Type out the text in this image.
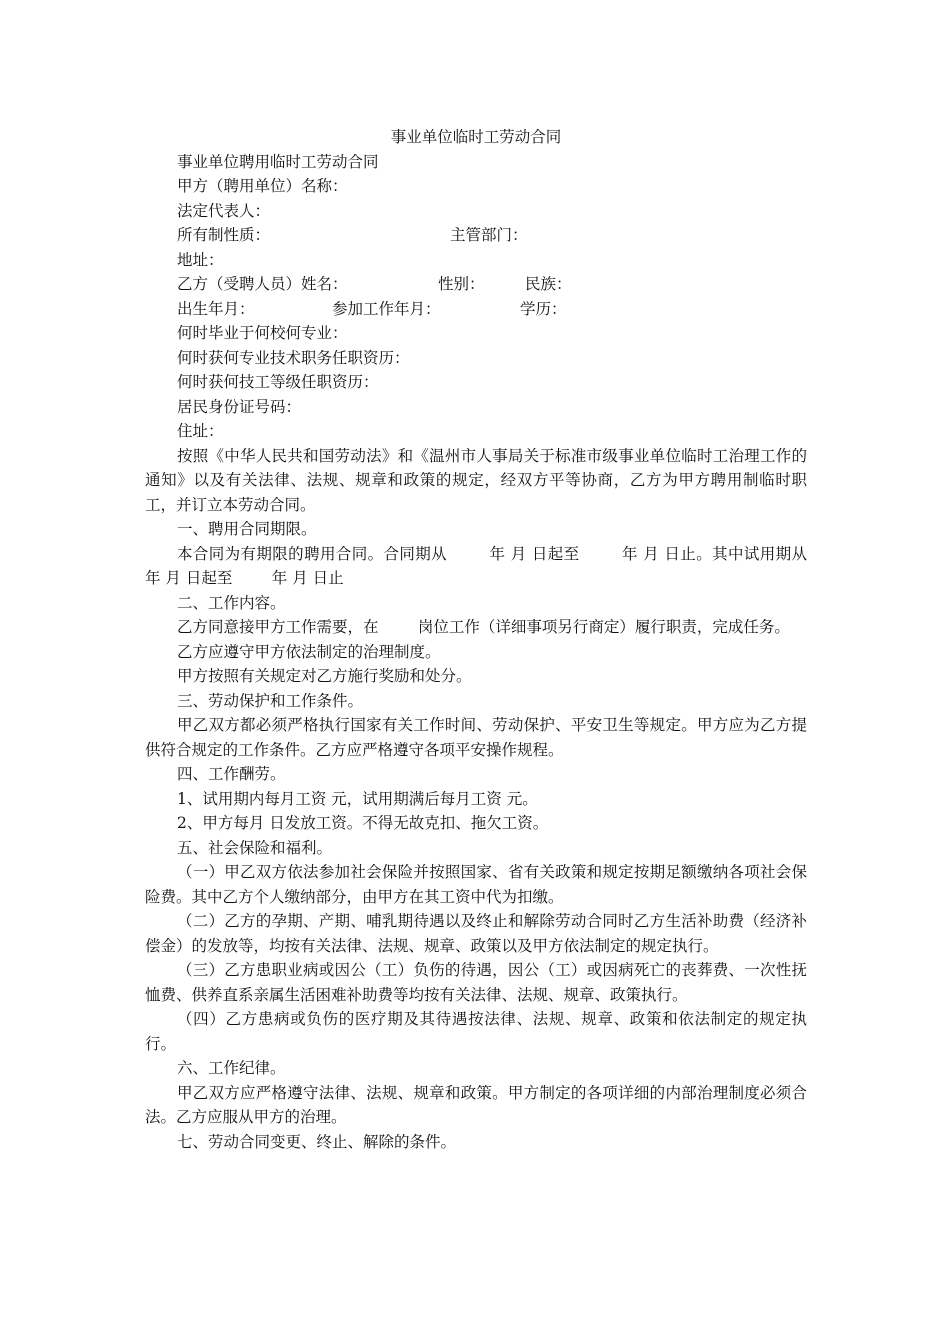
事业单位临时工劳动合同

事业单位聘用临时工劳动合同

甲方（聘用单位）名称：

法定代表人：

所有制性质：

	主管部门：

地址：

乙方（受聘人员）姓名：

	性别：

	民族：

出生年月：

	参加工作年月：

	学历：

何时毕业于何校何专业：

何时获何专业技术职务任职资历：

何时获何技工等级任职资历：

居民身份证号码：

住址：

按照《中华人民共和国劳动法》和《温州市人事局关于标准市级事业单位临时工治理工作的通知》以及有关法律、法规、规章和政策的规定，经双方平等协商，乙方为甲方聘用制临时职工，并订立本劳动合同。

一、聘用合同期限。

本合同为有期限的聘用合同。合同期从        年 月 日起至        年 月 日止。其中试用期从        年 月 日起至        年 月 日止

二、工作内容。

乙方同意接甲方工作需要，在        岗位工作（详细事项另行商定）履行职责，完成任务。

乙方应遵守甲方依法制定的治理制度。

甲方按照有关规定对乙方施行奖励和处分。

三、劳动保护和工作条件。

甲乙双方都必须严格执行国家有关工作时间、劳动保护、平安卫生等规定。甲方应为乙方提供符合规定的工作条件。乙方应严格遵守各项平安操作规程。

四、工作酬劳。

1、试用期内每月工资 元，试用期满后每月工资 元。

2、甲方每月 日发放工资。不得无故克扣、拖欠工资。

五、社会保险和福利。

（一）甲乙双方依法参加社会保险并按照国家、省有关政策和规定按期足额缴纳各项社会保险费。其中乙方个人缴纳部分，由甲方在其工资中代为扣缴。

（二）乙方的孕期、产期、哺乳期待遇以及终止和解除劳动合同时乙方生活补助费（经济补偿金）的发放等，均按有关法律、法规、规章、政策以及甲方依法制定的规定执行。

（三）乙方患职业病或因公（工）负伤的待遇，因公（工）或因病死亡的丧葬费、一次性抚恤费、供养直系亲属生活困难补助费等均按有关法律、法规、规章、政策执行。

（四）乙方患病或负伤的医疗期及其待遇按法律、法规、规章、政策和依法制定的规定执行。

六、工作纪律。

甲乙双方应严格遵守法律、法规、规章和政策。甲方制定的各项详细的内部治理制度必须合法。乙方应服从甲方的治理。

七、劳动合同变更、终止、解除的条件。
